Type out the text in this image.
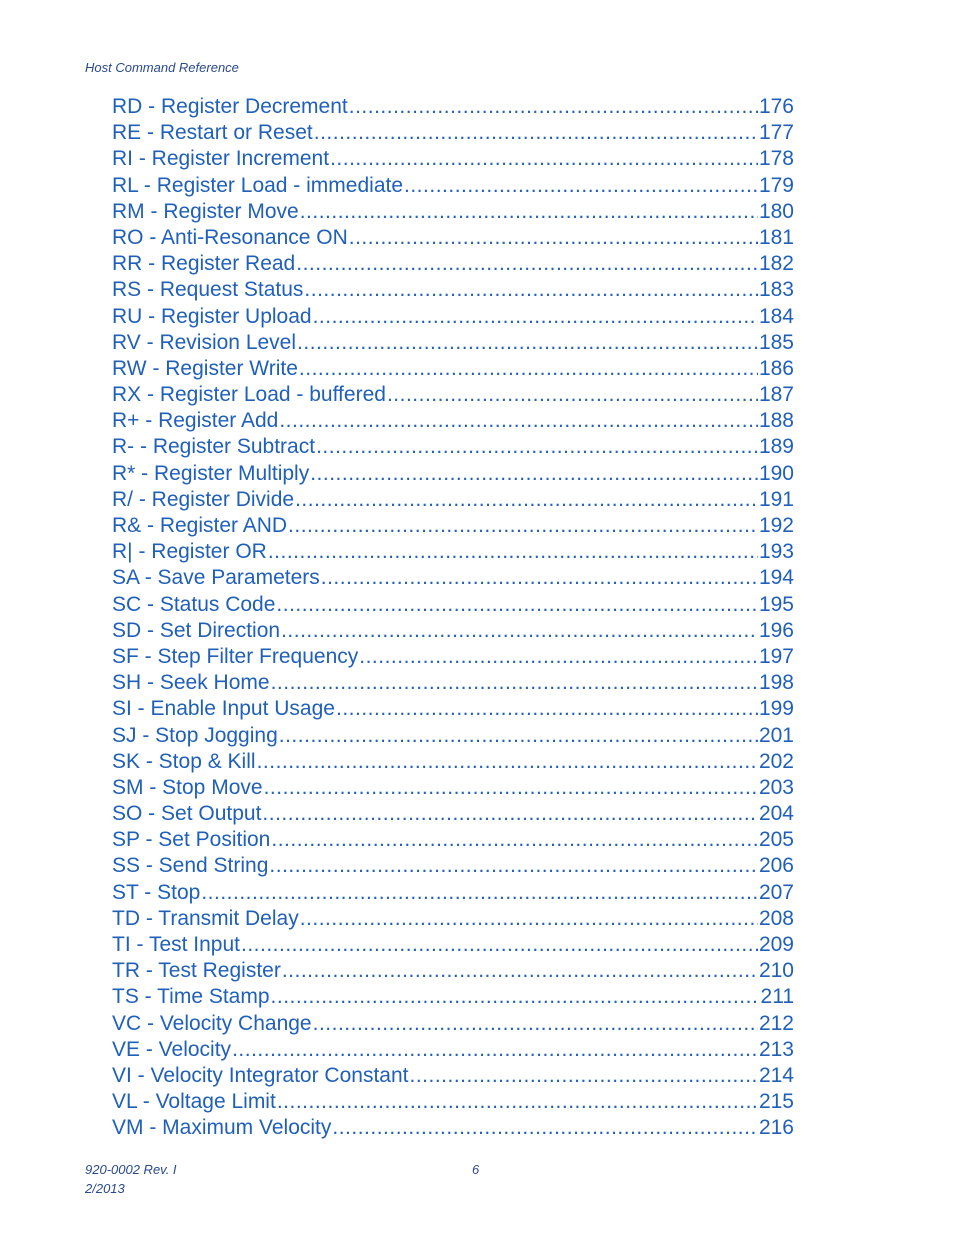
Host Command Reference
RD - Register Decrement .....	176
RE - Restart or Reset .....	177
RI - Register Increment .....	178
RL - Register Load - immediate .....	179
RM - Register Move .....	180
RO - Anti-Resonance ON .....	181
RR - Register Read .....	182
RS - Request Status .....	183
RU - Register Upload .....	184
RV - Revision Level .....	185
RW - Register Write .....	186
RX - Register Load - buffered .....	187
R+ - Register Add .....	188
R- - Register Subtract .....	189
R* - Register Multiply .....	190
R/ - Register Divide .....	191
R& - Register AND .....	192
R| - Register OR .....	193
SA - Save Parameters .....	194
SC - Status Code .....	195
SD - Set Direction .....	196
SF - Step Filter Frequency .....	197
SH - Seek Home .....	198
SI - Enable Input Usage .....	199
SJ - Stop Jogging .....	201
SK - Stop & Kill .....	202
SM - Stop Move .....	203
SO - Set Output .....	204
SP - Set Position .....	205
SS - Send String .....	206
ST - Stop .....	207
TD - Transmit Delay .....	208
TI - Test Input .....	209
TR - Test Register .....	210
TS - Time Stamp .....	211
VC - Velocity Change .....	212
VE - Velocity .....	213
VI - Velocity Integrator Constant .....	214
VL - Voltage Limit .....	215
VM - Maximum Velocity .....	216
920-0002 Rev. I
2/2013
6
